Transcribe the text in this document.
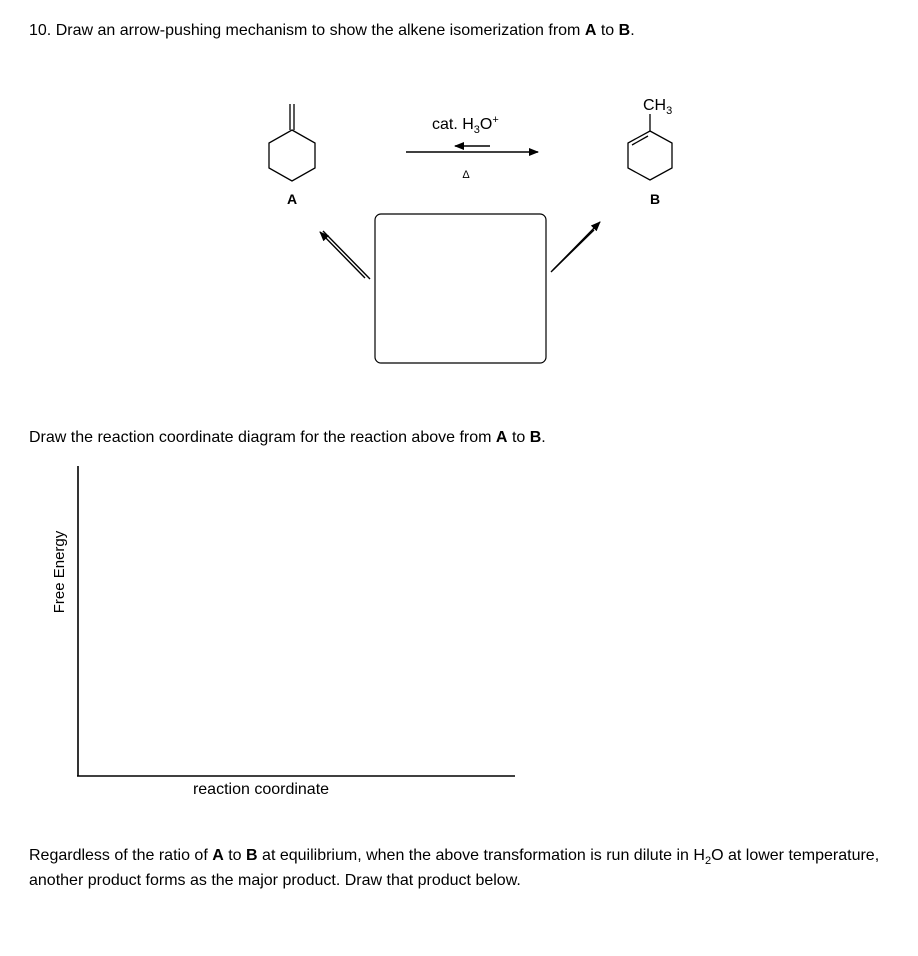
10. Draw an arrow-pushing mechanism to show the alkene isomerization from A to B.
A
cat. $H_3O^+$
Δ
$CH_3$
B
Free Energy
reaction coordinate
Draw the reaction coordinate diagram for the reaction above from A to B.
Regardless of the ratio of A to B at equilibrium, when the above transformation is run dilute in $H_2O$ at lower temperature, another product forms as the major product. Draw that product below.
